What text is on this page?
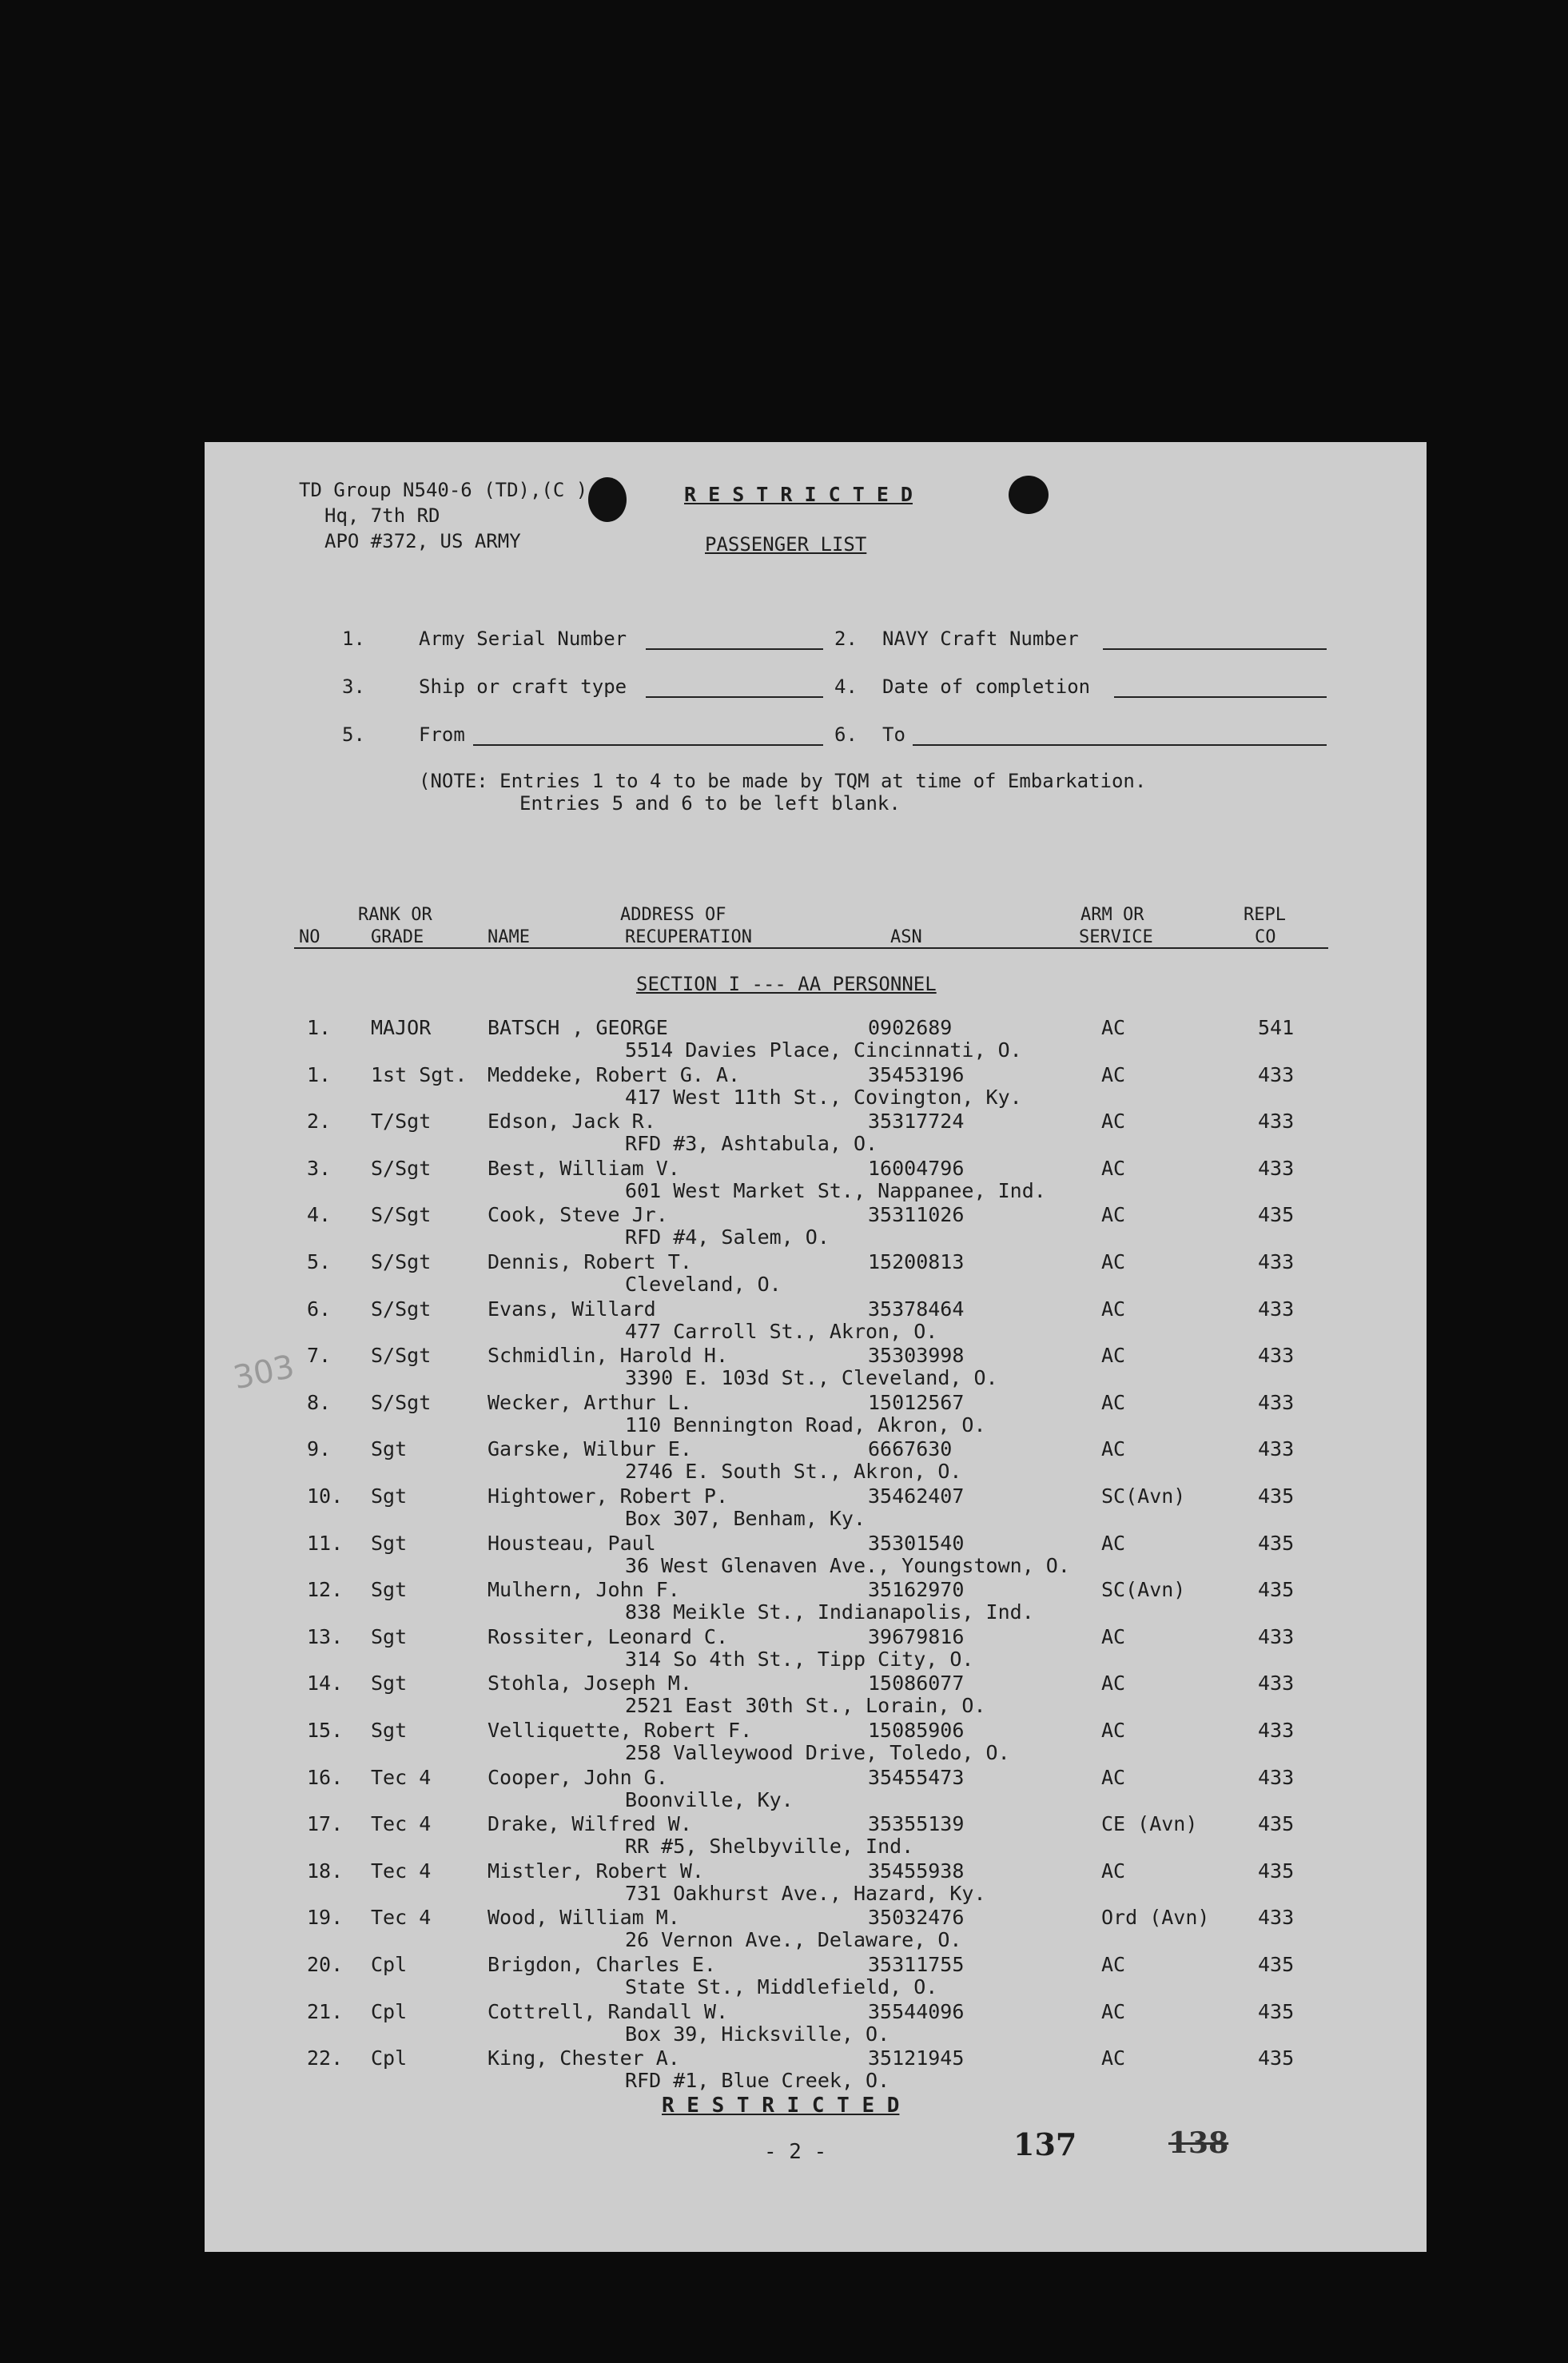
TD Group N540-6 (TD),(C )
Hq, 7th RD
APO #372, US ARMY
R E S T R I C T E D
PASSENGER LIST
1.	Army Serial Number	2. NAVY Craft Number
3.	Ship or craft type	4. Date of completion
5.	From	6. To
(NOTE: Entries 1 to 4 to be made by TQM at time of Embarkation.
Entries 5 and 6 to be left blank.
RANK OR	ADDRESS OF	ARM OR	REPL
NO	GRADE	NAME	RECUPERATION	ASN	SERVICE	CO
SECTION I --- AA PERSONNEL
1. MAJOR	BATSCH , GEORGE	0902689	AC	541
5514 Davies Place, Cincinnati, O.
1. 1st Sgt. Meddeke, Robert G. A.	35453196	AC	433
417 West 11th St., Covington, Ky.
2. T/Sgt	Edson, Jack R.	35317724	AC	433
RFD #3, Ashtabula, O.
3. S/Sgt	Best, William V.	16004796	AC	433
601 West Market St., Nappanee, Ind.
4. S/Sgt	Cook, Steve Jr.	35311026	AC	435
RFD #4, Salem, O.
5. S/Sgt	Dennis, Robert T.	15200813	AC	433
Cleveland, O.
6. S/Sgt	Evans, Willard	35378464	AC	433
477 Carroll St., Akron, O.
7. S/Sgt	Schmidlin, Harold H.	35303998	AC	433
3390 E. 103d St., Cleveland, O.
8. S/Sgt	Wecker, Arthur L.	15012567	AC	433
110 Bennington Road, Akron, O.
9. Sgt	Garske, Wilbur E.	6667630	AC	433
2746 E. South St., Akron, O.
10. Sgt	Hightower, Robert P.	35462407	SC(Avn)	435
Box 307, Benham, Ky.
11. Sgt	Housteau, Paul	35301540	AC	435
36 West Glenaven Ave., Youngstown, O.
12. Sgt	Mulhern, John F.	35162970	SC(Avn)	435
838 Meikle St., Indianapolis, Ind.
13. Sgt	Rossiter, Leonard C.	39679816	AC	433
314 So 4th St., Tipp City, O.
14. Sgt	Stohla, Joseph M.	15086077	AC	433
2521 East 30th St., Lorain, O.
15. Sgt	Velliquette, Robert F.	15085906	AC	433
258 Valleywood Drive, Toledo, O.
16. Tec 4	Cooper, John G.	35455473	AC	433
Boonville, Ky.
17. Tec 4	Drake, Wilfred W.	35355139	CE (Avn)	435
RR #5, Shelbyville, Ind.
18. Tec 4	Mistler, Robert W.	35455938	AC	435
731 Oakhurst Ave., Hazard, Ky.
19. Tec 4	Wood, William M.	35032476	Ord (Avn) 433
26 Vernon Ave., Delaware, O.
20. Cpl	Brigdon, Charles E.	35311755	AC	435
State St., Middlefield, O.
21. Cpl	Cottrell, Randall W.	35544096	AC	435
Box 39, Hicksville, O.
22. Cpl	King, Chester A.	35121945	AC	435
RFD #1, Blue Creek, O.
R E S T R I C T E D
- 2 -	137	138
303
